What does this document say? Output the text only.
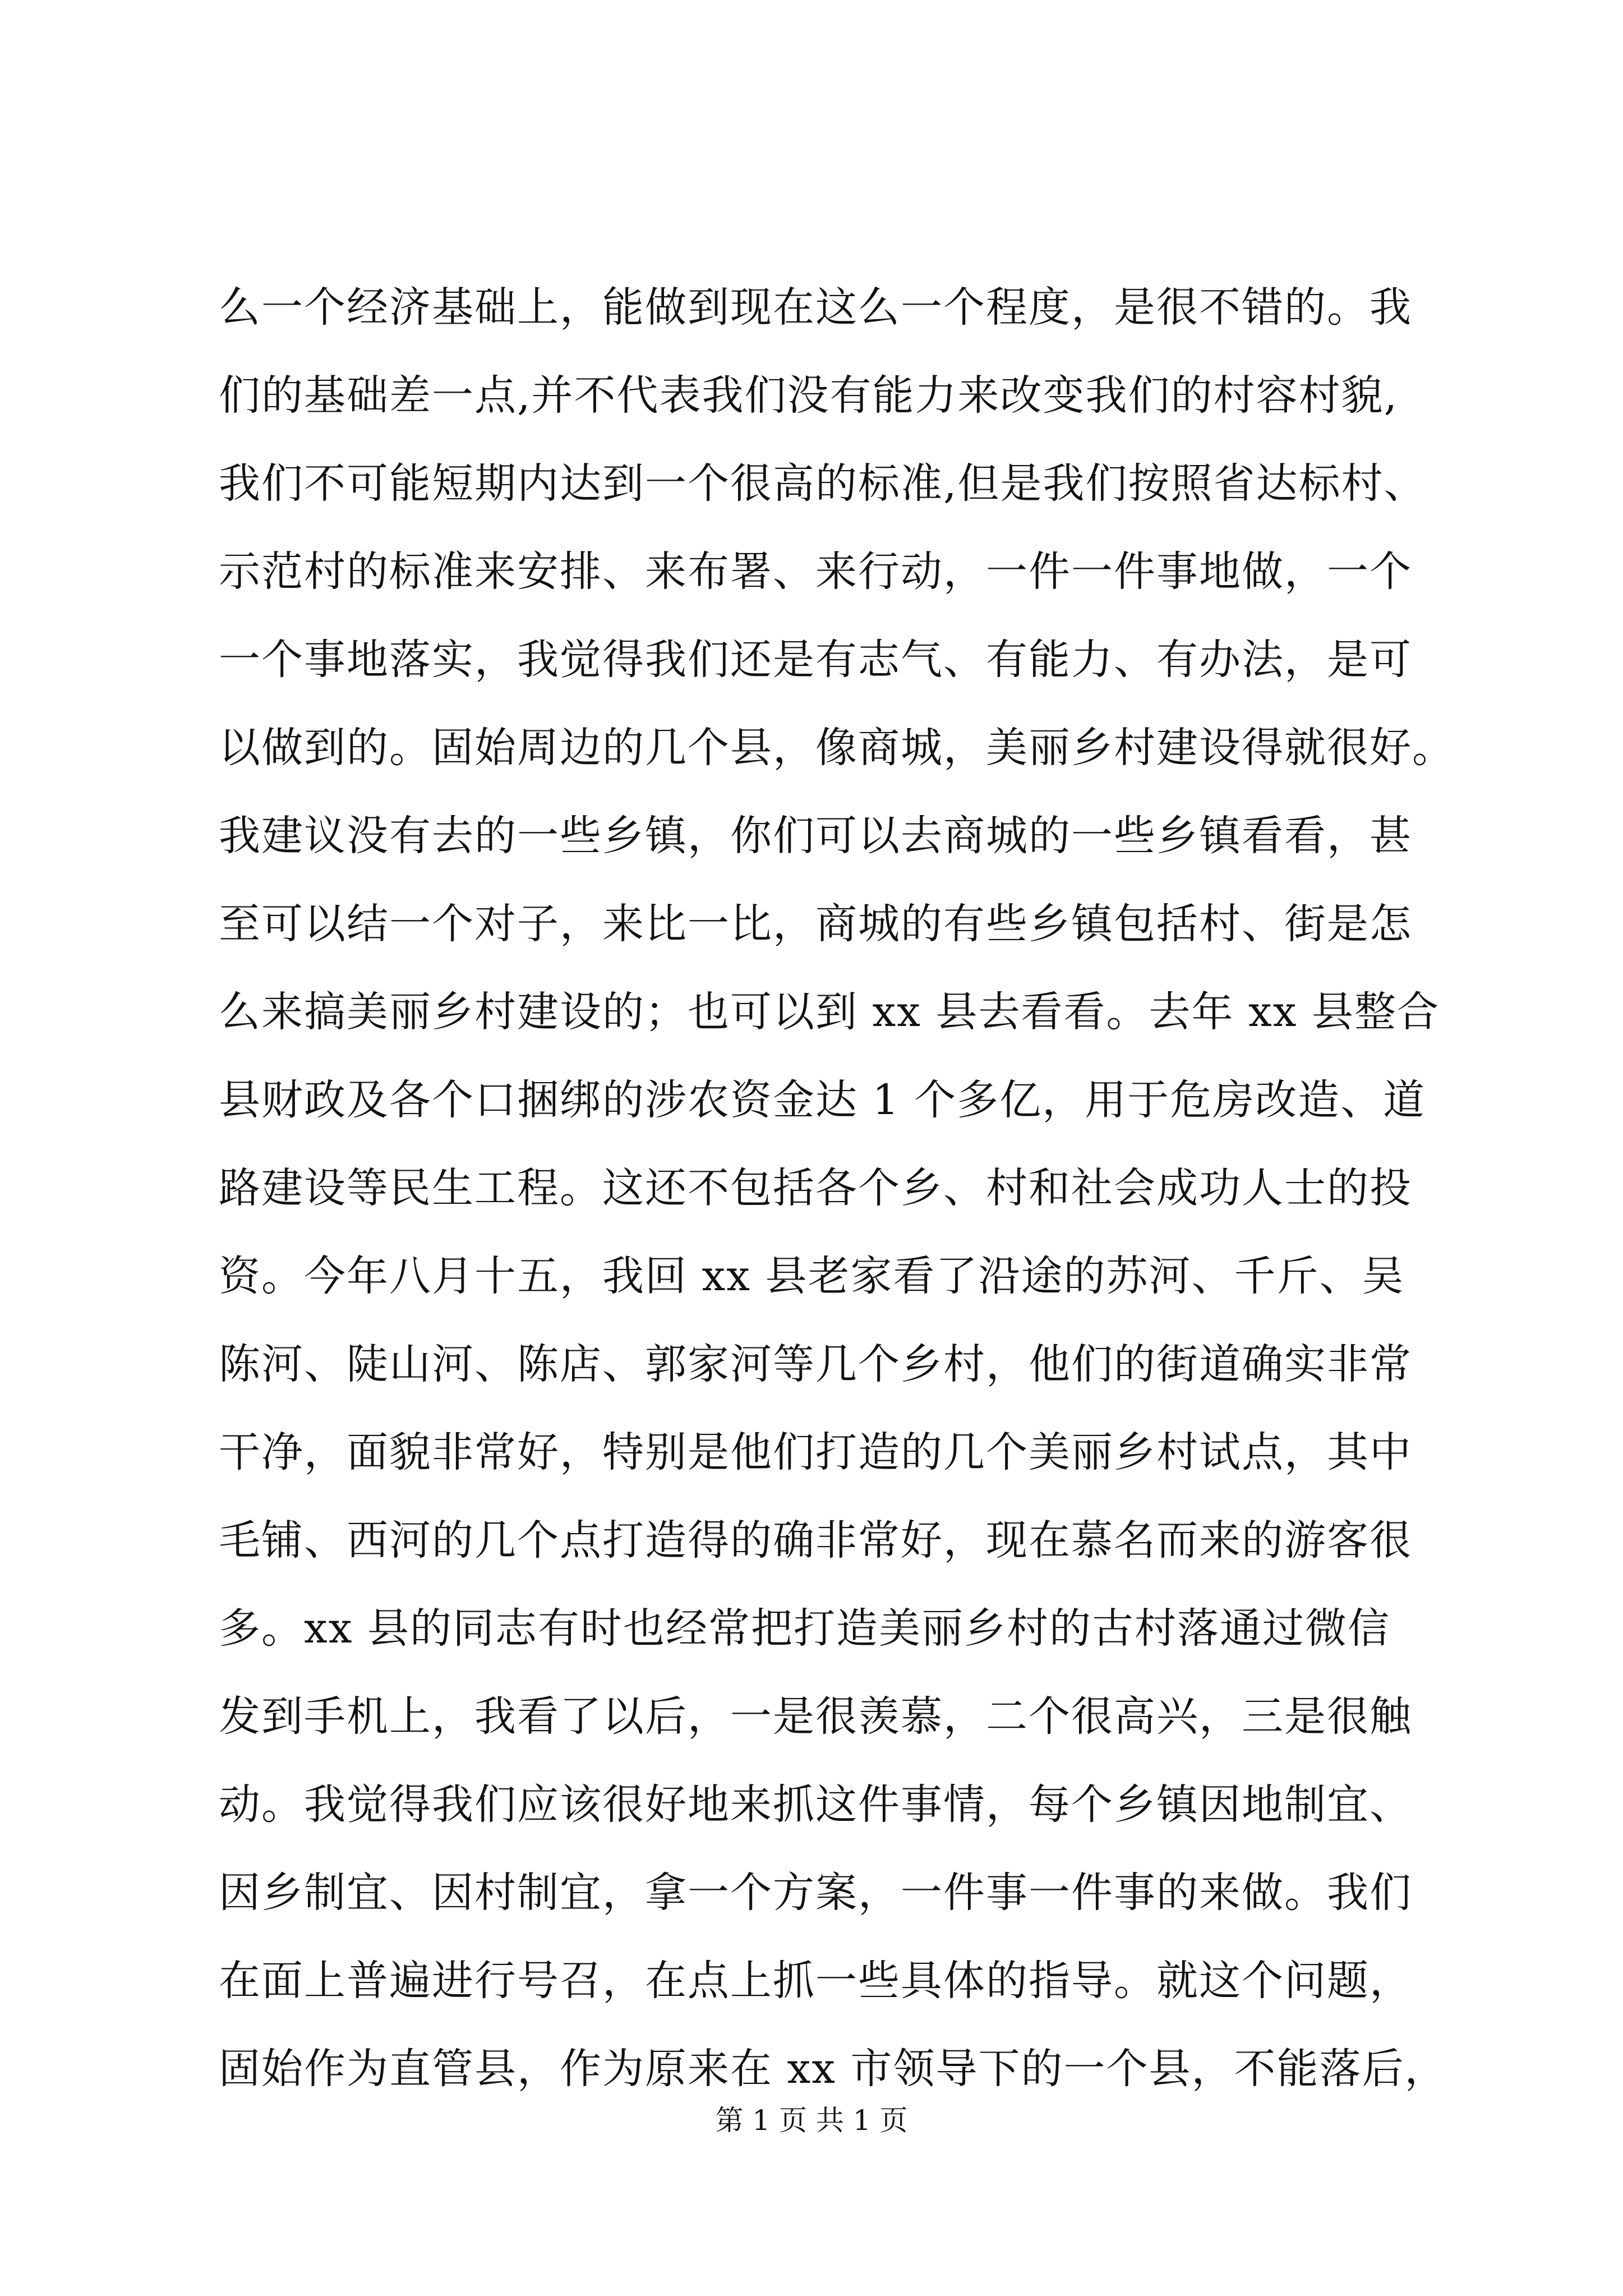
么一个经济基础上，能做到现在这么一个程度，是很不错的。我
们的基础差一点,并不代表我们没有能力来改变我们的村容村貌,
我们不可能短期内达到一个很高的标准,但是我们按照省达标村、
示范村的标准来安排、来布署、来行动，一件一件事地做，一个
一个事地落实，我觉得我们还是有志气、有能力、有办法，是可
以做到的。固始周边的几个县，像商城，美丽乡村建设得就很好。
我建议没有去的一些乡镇，你们可以去商城的一些乡镇看看，甚
至可以结一个对子，来比一比，商城的有些乡镇包括村、街是怎
么来搞美丽乡村建设的；也可以到 xx 县去看看。去年 xx 县整合
县财政及各个口捆绑的涉农资金达 1 个多亿，用于危房改造、道
路建设等民生工程。这还不包括各个乡、村和社会成功人士的投
资。今年八月十五，我回 xx 县老家看了沿途的苏河、千斤、吴
陈河、陡山河、陈店、郭家河等几个乡村，他们的街道确实非常
干净，面貌非常好，特别是他们打造的几个美丽乡村试点，其中
毛铺、西河的几个点打造得的确非常好，现在慕名而来的游客很
多。xx 县的同志有时也经常把打造美丽乡村的古村落通过微信
发到手机上，我看了以后，一是很羡慕，二个很高兴，三是很触
动。我觉得我们应该很好地来抓这件事情，每个乡镇因地制宜、
因乡制宜、因村制宜，拿一个方案，一件事一件事的来做。我们
在面上普遍进行号召，在点上抓一些具体的指导。就这个问题，
固始作为直管县，作为原来在 xx 市领导下的一个县，不能落后，
第 1 页 共 1 页
